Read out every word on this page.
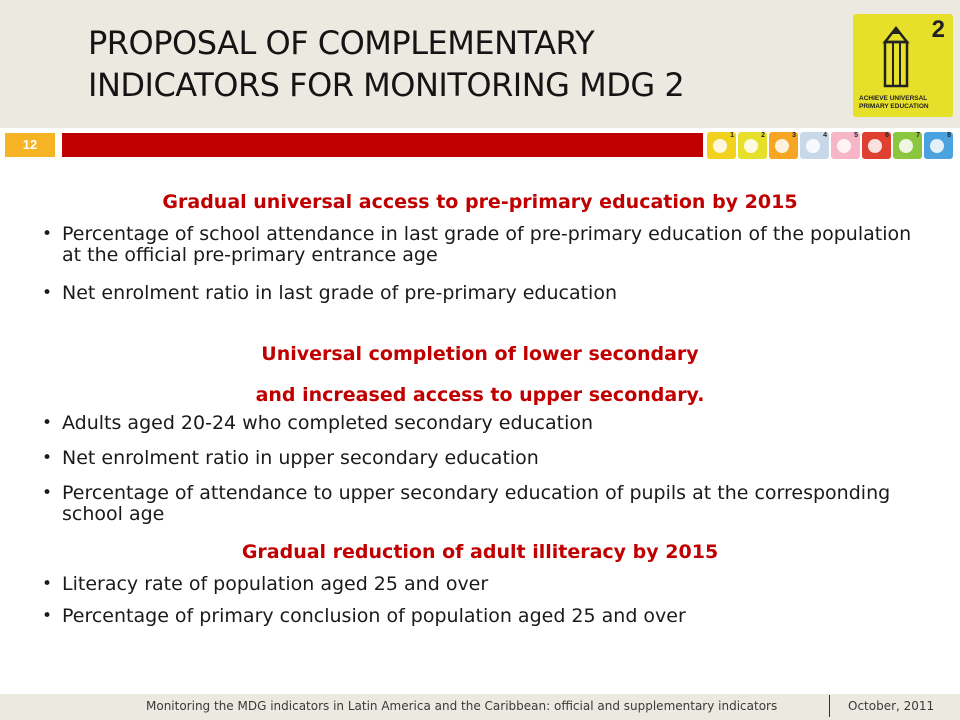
PROPOSAL OF COMPLEMENTARY
INDICATORS FOR MONITORING MDG 2
2
ACHIEVE UNIVERSAL
PRIMARY EDUCATION
12
1	2	3	4	5	6	7	8
Gradual universal access to pre-primary education by 2015
• Percentage of school attendance in last grade of pre-primary education of the population at the official pre-primary entrance age
• Net enrolment ratio in last grade of pre-primary education
Universal completion of lower secondary
and increased access to upper secondary.
• Adults aged 20-24 who completed secondary education
• Net enrolment ratio in upper secondary education
• Percentage of attendance to upper secondary education of pupils at the corresponding school age
Gradual reduction of adult illiteracy by 2015
• Literacy rate of population aged 25 and over
• Percentage of primary conclusion of population aged 25 and over
Monitoring the MDG indicators in Latin America and the Caribbean: official and supplementary indicators	October, 2011
